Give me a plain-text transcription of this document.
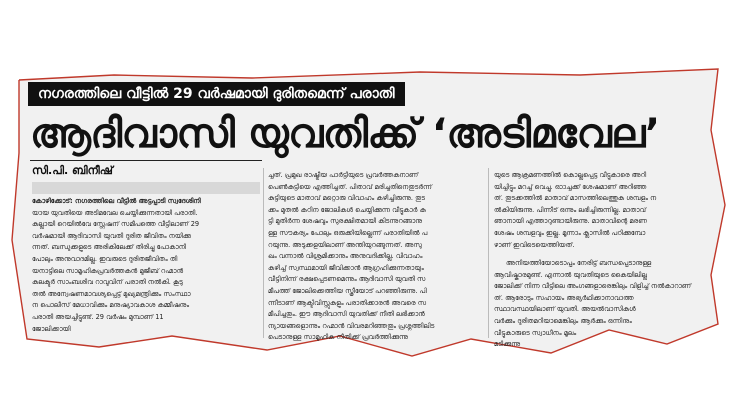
നഗരത്തിലെ വീട്ടിൽ 29 വർഷമായി ദുരിതമെന്ന് പരാതി
ആദിവാസി യുവതിക്ക് ‘അടിമവേല’
സി.പി. ബിനീഷ്

കോഴിക്കോട്: നഗരത്തിലെ വീട്ടിൽ അട്ടപ്പാടി സ്വദേശിനി

യായ യുവതിയെ അടിമവേല ചെയ്യിക്കുന്നതായി പരാതി.

കല്ലായി റെയിൽവേ സ്റ്റേഷന് സമീപത്തെ വീട്ടിലാണ് 29

വർഷമായി ആദിവാസി യുവതി ദുരിത ജീവിതം നയിക്കു

ന്നത്. ബന്ധുക്കളുടെ അരികിലേക്ക് തിരിച്ചു പോകാനി

പോലും അനുവാദമില്ല. ഇവരുടെ ദുരിതജീവിതം തി

യനാട്ടിലെ സാമൂഹികപ്രവർത്തകൻ മുജീബ് റഹ്മാൻ

കലക്ടർ സാംബശിവ റാവുവിന് പരാതി നൽകി. കൂടു

തൽ അന്വേഷണമാവശ്യപ്പെട്ട് മുഖ്യമന്ത്രിക്കും സംസ്ഥാ

ന പൊലീസ് മേധാവിക്കും മനുഷ്യാവകാശ കമ്മീഷനും

പരാതി അയച്ചിട്ടുണ്ട്. 29 വർഷം മുമ്പാണ് 11

ജോലിക്കായി

ച്ചത്. പ്രമുഖ രാഷ്ട്രീയ പാർട്ടിയുടെ പ്രവർത്തകനാണ്

പെൺകുട്ടിയെ എത്തിച്ചത്. പിതാവ് മരിച്ചതിനെതുടർന്ന്

കുട്ടിയുടെ മാതാവ് മറ്റൊരു വിവാഹം കഴിച്ചിരുന്നു. തുട

ക്കം മുതൽ കഠിന ജോലികൾ ചെയ്യിക്കുന്ന വീട്ടുകാർ കു

ട്ടി മുതിർന്ന ശേഷവും സുരക്ഷിതമായി കിടന്നുറങ്ങാനു

ള്ള സൗകര്യം പോലും ഒരുക്കിയില്ലെന്ന് പരാതിയിൽ പ

റയുന്നു. അടുക്കളയിലാണ് അന്തിയുറങ്ങുന്നത്. അസു

ഖം വന്നാൽ വിശ്രമിക്കാനും അനുവദിക്കില്ല. വിവാഹം

കഴിച്ച് സ്വസ്ഥമായി ജീവിക്കാൻ ആഗ്രഹിക്കുന്നതായും

വീട്ടിനിന്ന് രക്ഷപ്പെടണമെന്നും ആദിവാസി യുവതി സ

മീപത്ത് ജോലിക്കെത്തിയ സ്ത്രീയോട് പറഞ്ഞിരുന്നു. പി

ന്നീടാണ് ആക്ടിവിസ്റ്റുകളും പരാതിക്കാരൻ അവരെ സ

മീപിച്ചതും. ഈ ആദിവാസി യുവതിക്ക് നീതി ലഭിക്കാൻ

ന്യായങ്ങളൊന്നും റഹ്മാൻ വിവരമറിഞ്ഞതും പ്രശ്നത്തിലിട

പെടാനുള്ള സാമൂഹിക നീതിക്ക് പ്രവർത്തിക്കുന്നു

യുടെ ആക്രമണത്തിൽ കൊല്ലപ്പെട്ട വീട്ടുകാരെ അറി

യിച്ചിട്ടും മറച്ച് വെച്ചു. ഓാച്ചക്ക് ശേഷമാണ് അറിഞ്ഞ

ത്. തുടക്കത്തിൽ മാതാവ് മാസത്തിലെത്തുക ശമ്പളം ന

ൽകിയിരുന്നു. പിന്നീട് ഒന്നും ലഭിച്ചിരുന്നില്ല. മാതാവ്

ഞാനായി എത്താറുണ്ടായിരുന്നു. മാതാവിന്റെ മരണ

ശേഷം ശമ്പളവും ഇല്ല. മൂന്നാം ക്ലാസിൽ പഠിക്കുമ്പോ

ഴാണ് ഇവിടെയെത്തിയത്.

അനിയത്തിയോടൊപ്പം നേരിട്ട് ബന്ധപ്പെടാനുള്ള

ആവിഷ്കാരമുണ്ട്. എന്നാൽ യുവതിയുടെ കൈയിലില്ല

ജോലിക്ക് നിന്ന വീട്ടിലെ അംഗങ്ങളാരെങ്കിലും വിളിച്ച് നൽകാറാണ്

ത്. ആരോടും സഹായം അഭ്യർഥിക്കാനാവാത്ത

സ്ഥാവസ്ഥയിലാണ് യുവതി. അയൽവാസികൾ

വർക്കും ദുരിതമറിയാമെങ്കിലും ആർക്കും ഒന്നിനും

വീട്ടുകാരുടെ സ്വാധീനം മൂലം

മടിക്കുന്നു
